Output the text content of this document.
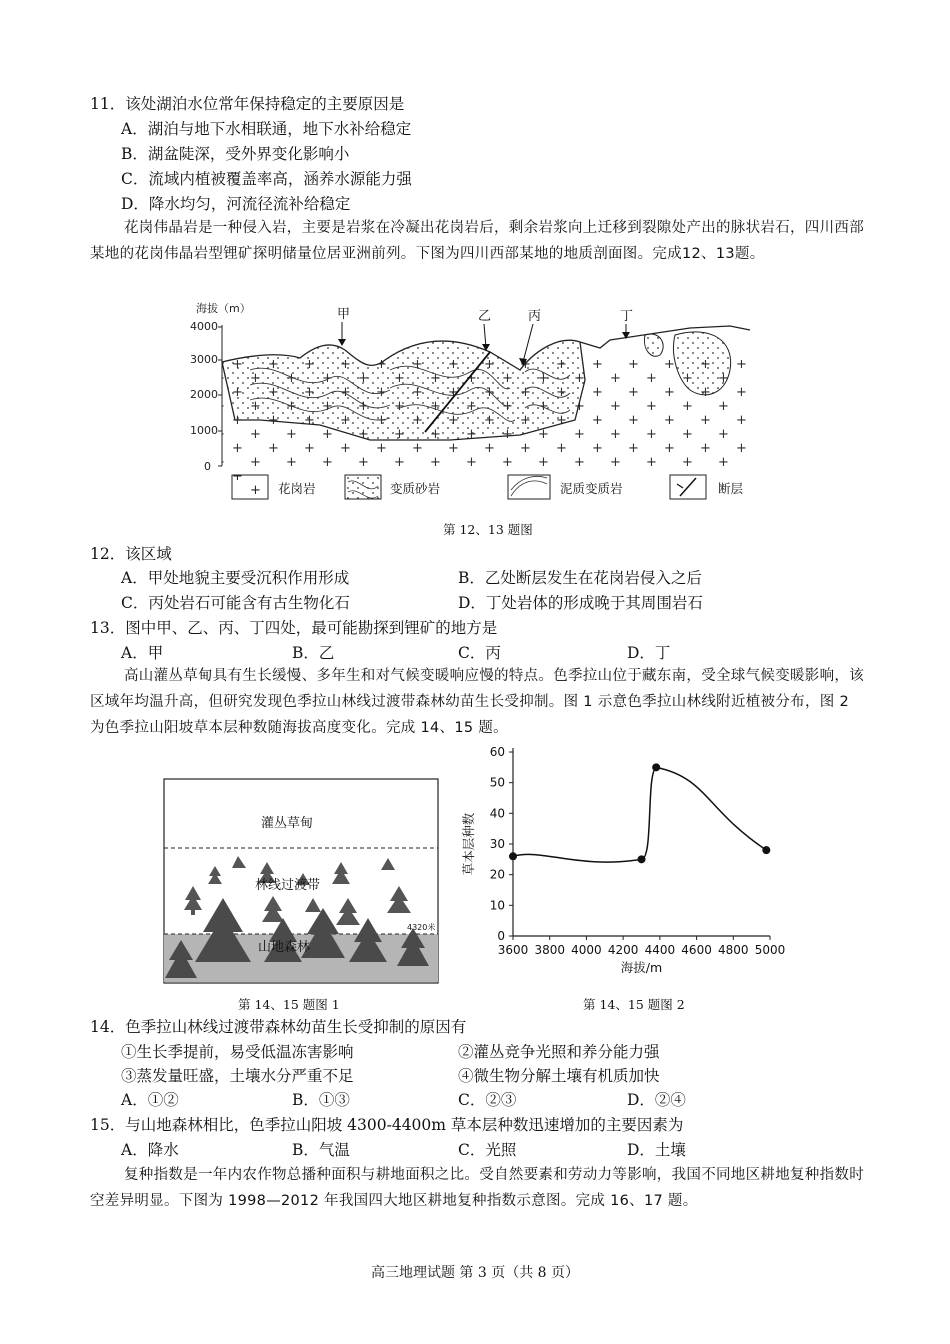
11．该处湖泊水位常年保持稳定的主要原因是
A．湖泊与地下水相联通，地下水补给稳定
B．湖盆陡深，受外界变化影响小
C．流域内植被覆盖率高，涵养水源能力强
D．降水均匀，河流径流补给稳定
花岗伟晶岩是一种侵入岩，主要是岩浆在冷凝出花岗岩后，剩余岩浆向上迁移到裂隙处产出的脉状岩石，四川西部某地的花岗伟晶岩型锂矿探明储量位居亚洲前列。下图为四川西部某地的地质剖面图。完成12、13题。
海拔（m）
4000
3000
2000
1000
0
甲	乙	丙	丁
花岗岩	变质砂岩	泥质变质岩	断层
第 12、13 题图
12．该区域
A．甲处地貌主要受沉积作用形成	B．乙处断层发生在花岗岩侵入之后
C．丙处岩石可能含有古生物化石	D．丁处岩体的形成晚于其周围岩石
13．图中甲、乙、丙、丁四处，最可能勘探到锂矿的地方是
A．甲	B．乙	C．丙	D．丁
高山灌丛草甸具有生长缓慢、多年生和对气候变暖响应慢的特点。色季拉山位于藏东南，受全球气候变暖影响，该区域年均温升高，但研究发现色季拉山林线过渡带森林幼苗生长受抑制。图 1 示意色季拉山林线附近植被分布，图 2 为色季拉山阳坡草本层种数随海拔高度变化。完成 14、15 题。
灌丛草甸
林线过渡带
山地森林
4320米
第 14、15 题图 1
0
10
20
30
40
50
60
3600 3800 4000 4200 4400 4600 4800 5000
海拔/m
草本层种数
第 14、15 题图 2
14．色季拉山林线过渡带森林幼苗生长受抑制的原因有
①生长季提前，易受低温冻害影响	②灌丛竞争光照和养分能力强
③蒸发量旺盛，土壤水分严重不足	④微生物分解土壤有机质加快
A．①②	B．①③	C．②③	D．②④
15．与山地森林相比，色季拉山阳坡 4300-4400m 草本层种数迅速增加的主要因素为
A．降水	B．气温	C．光照	D．土壤
复种指数是一年内农作物总播种面积与耕地面积之比。受自然要素和劳动力等影响，我国不同地区耕地复种指数时空差异明显。下图为 1998—2012 年我国四大地区耕地复种指数示意图。完成 16、17 题。
高三地理试题 第 3 页（共 8 页）
